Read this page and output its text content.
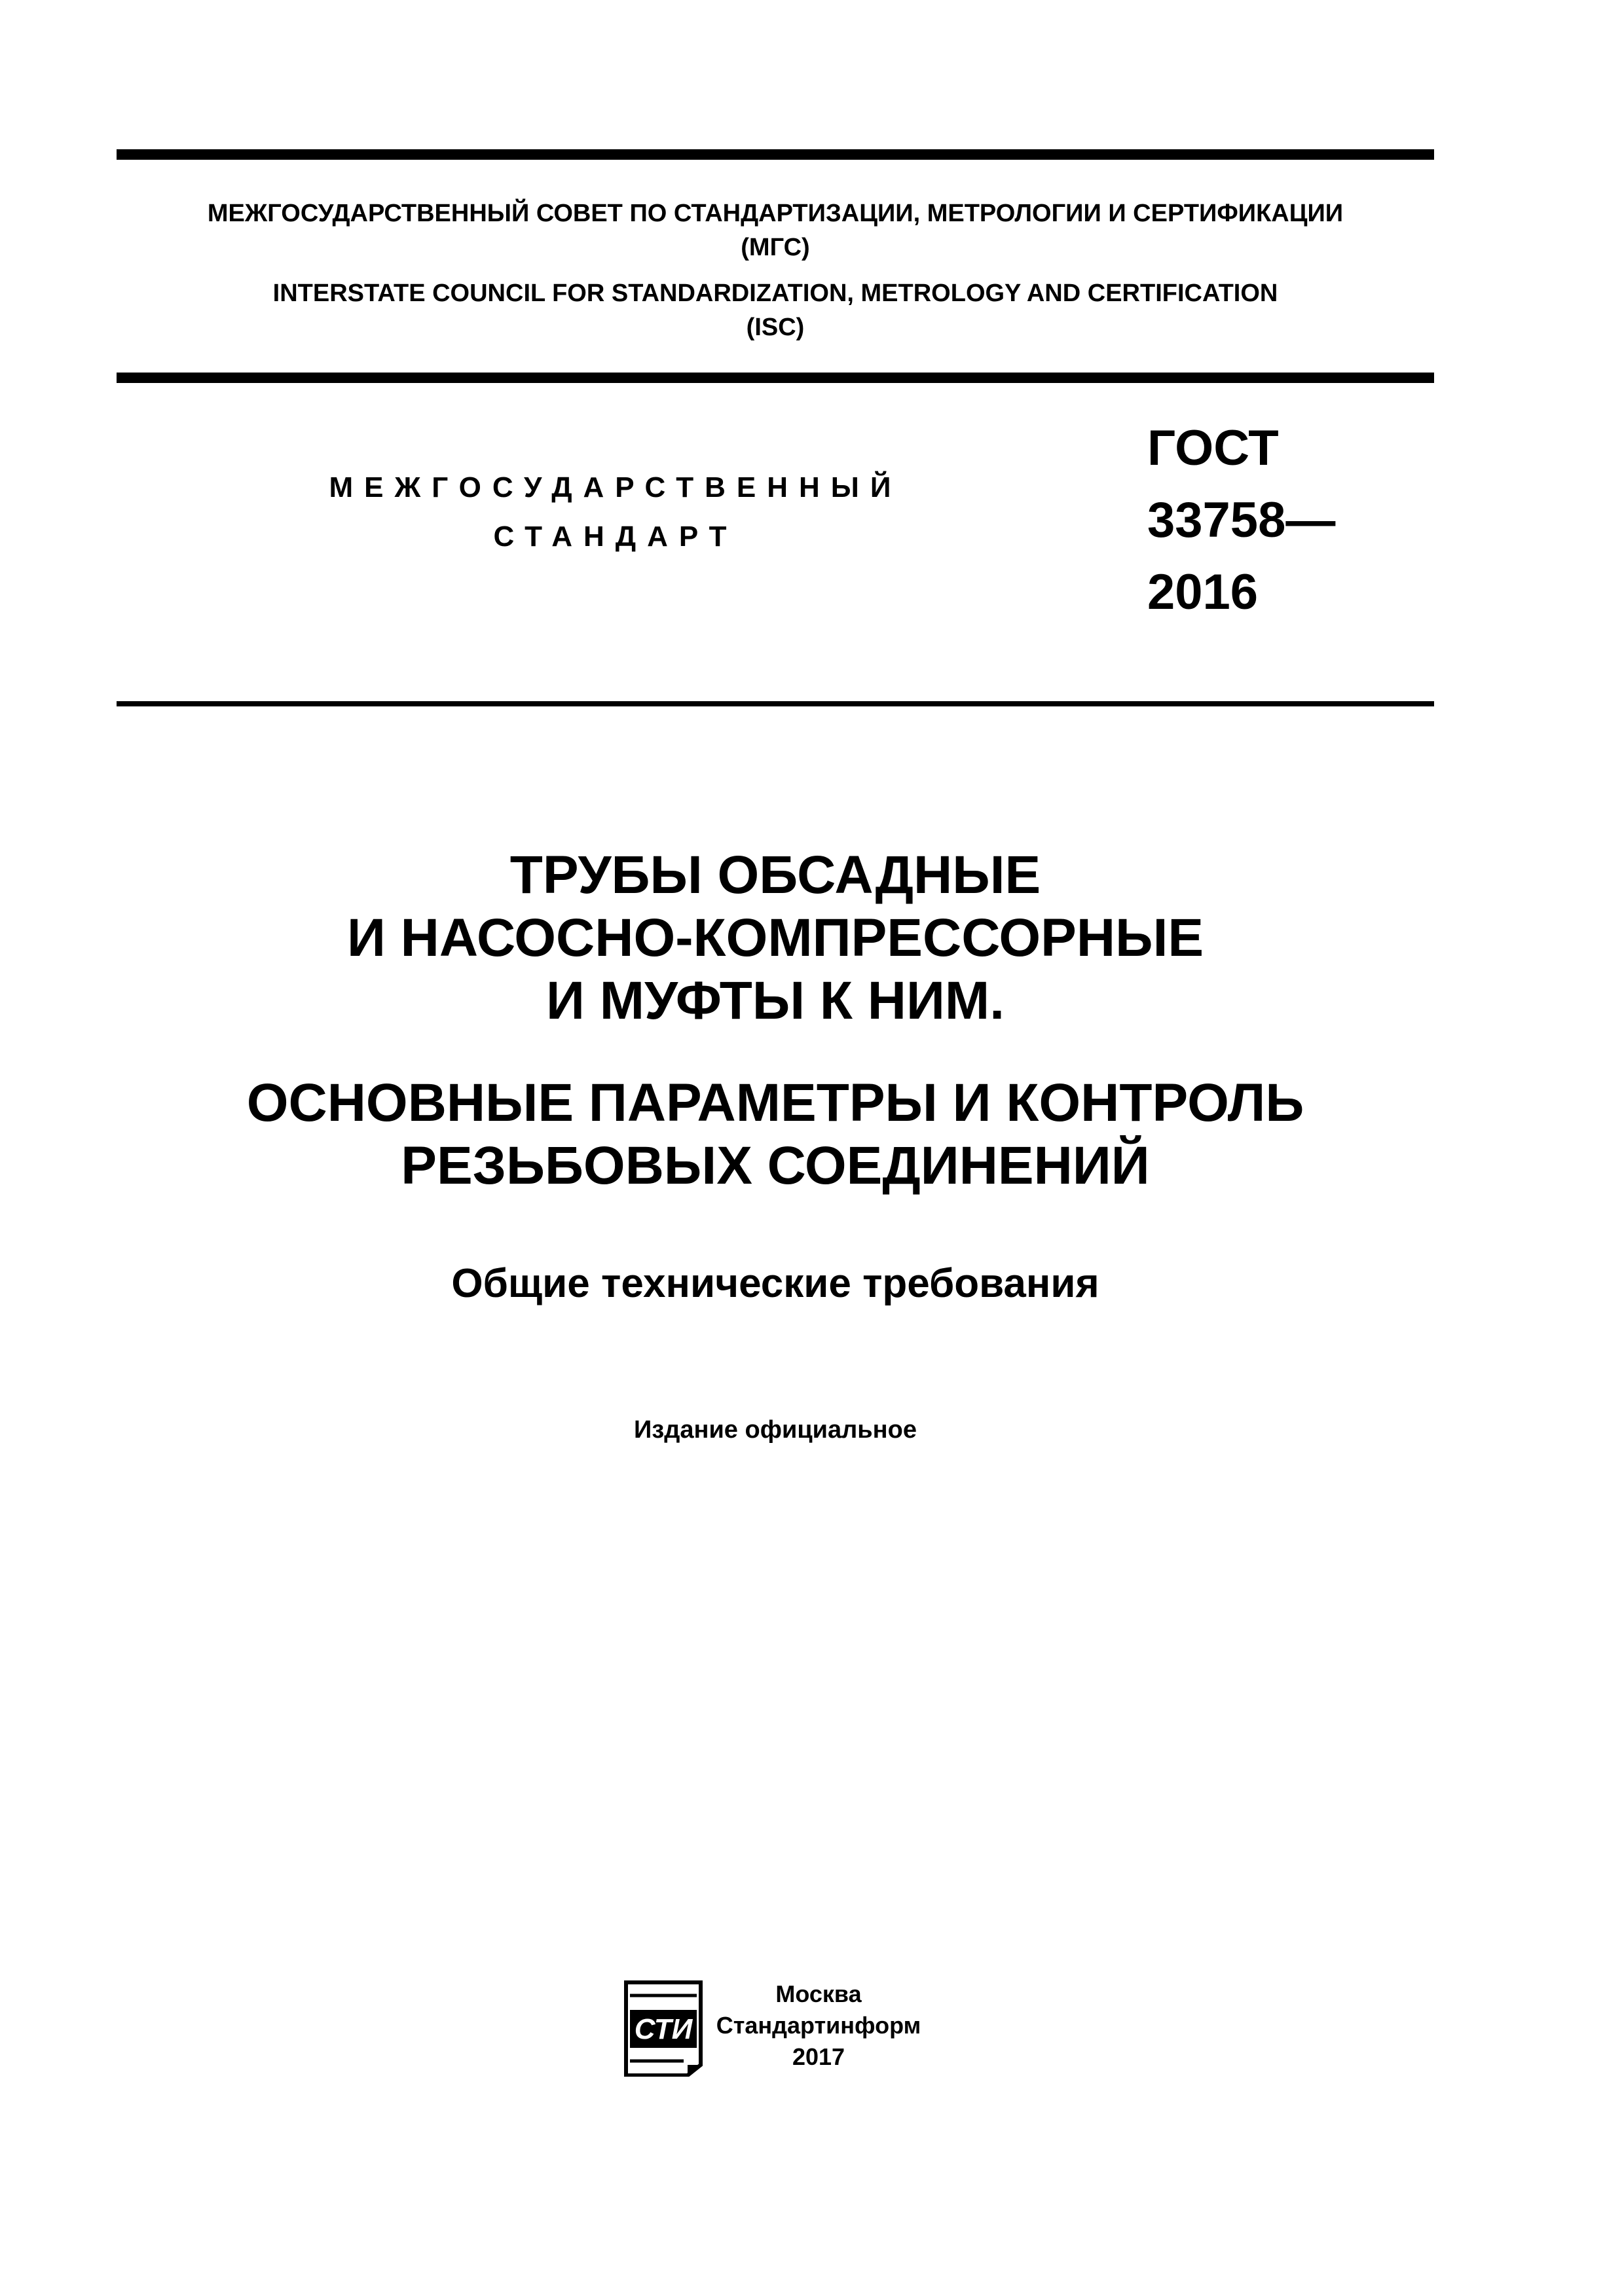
МЕЖГОСУДАРСТВЕННЫЙ СОВЕТ ПО СТАНДАРТИЗАЦИИ, МЕТРОЛОГИИ И СЕРТИФИКАЦИИ
(МГС)
INTERSTATE COUNCIL FOR STANDARDIZATION, METROLOGY AND CERTIFICATION
(ISC)
МЕЖГОСУДАРСТВЕННЫЙ
СТАНДАРТ
ГОСТ
33758—
2016
ТРУБЫ ОБСАДНЫЕ
И НАСОСНО-КОМПРЕССОРНЫЕ
И МУФТЫ К НИМ.
ОСНОВНЫЕ ПАРАМЕТРЫ И КОНТРОЛЬ
РЕЗЬБОВЫХ СОЕДИНЕНИЙ
Общие технические требования
Издание официальное
СТИ
Москва
Стандартинформ
2017
